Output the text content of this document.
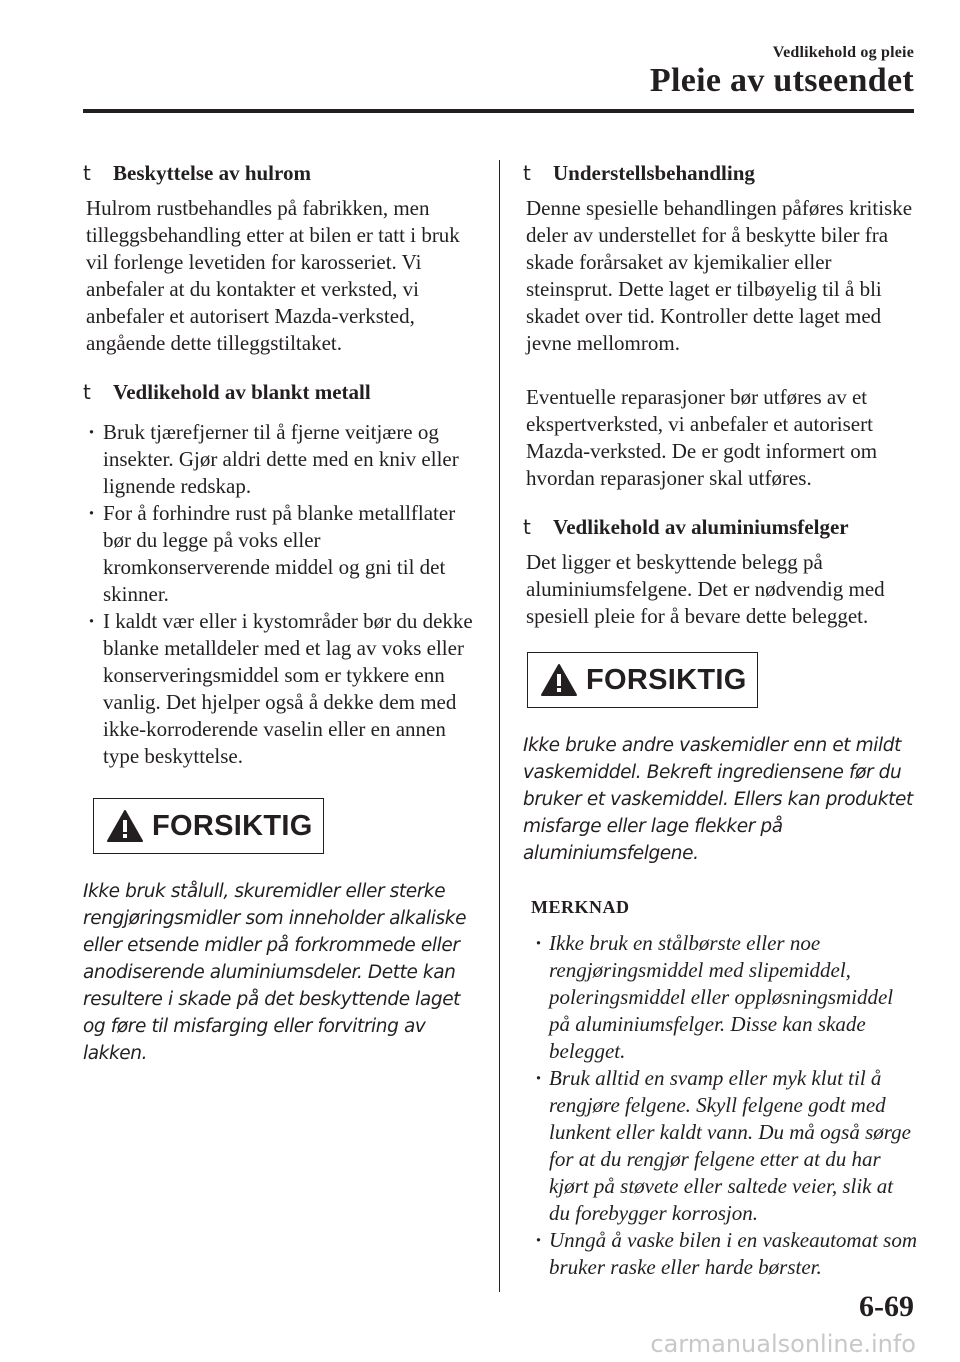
Vedlikehold og pleie
Pleie av utseendet
t Beskyttelse av hulrom

Hulrom rustbehandles på fabrikken, men tilleggsbehandling etter at bilen er tatt i bruk vil forlenge levetiden for karosseriet. Vi anbefaler at du kontakter et verksted, vi anbefaler et autorisert Mazda-verksted, angående dette tilleggstiltaket.

t Vedlikehold av blankt metall
· Bruk tjærefjerner til å fjerne veitjære og insekter. Gjør aldri dette med en kniv eller lignende redskap.
· For å forhindre rust på blanke metallflater bør du legge på voks eller kromkonserverende middel og gni til det skinner.
· I kaldt vær eller i kystområder bør du dekke blanke metalldeler med et lag av voks eller konserveringsmiddel som er tykkere enn vanlig. Det hjelper også å dekke dem med ikke-korroderende vaselin eller en annen type beskyttelse.
FORSIKTIG

Ikke bruk stålull, skuremidler eller sterke rengjøringsmidler som inneholder alkaliske eller etsende midler på forkrommede eller anodiserende aluminiumsdeler. Dette kan resultere i skade på det beskyttende laget og føre til misfarging eller forvitring av lakken.

t Understellsbehandling

Denne spesielle behandlingen påføres kritiske deler av understellet for å beskytte biler fra skade forårsaket av kjemikalier eller steinsprut. Dette laget er tilbøyelig til å bli skadet over tid. Kontroller dette laget med jevne mellomrom.

Eventuelle reparasjoner bør utføres av et ekspertverksted, vi anbefaler et autorisert Mazda-verksted. De er godt informert om hvordan reparasjoner skal utføres.

t Vedlikehold av aluminiumsfelger

Det ligger et beskyttende belegg på aluminiumsfelgene. Det er nødvendig med spesiell pleie for å bevare dette belegget.

FORSIKTIG

Ikke bruke andre vaskemidler enn et mildt vaskemiddel. Bekreft ingrediensene før du bruker et vaskemiddel. Ellers kan produktet misfarge eller lage flekker på aluminiumsfelgene.

MERKNAD
· Ikke bruk en stålbørste eller noe rengjøringsmiddel med slipemiddel, poleringsmiddel eller oppløsningsmiddel på aluminiumsfelger. Disse kan skade belegget.
· Bruk alltid en svamp eller myk klut til å rengjøre felgene. Skyll felgene godt med lunkent eller kaldt vann. Du må også sørge for at du rengjør felgene etter at du har kjørt på støvete eller saltede veier, slik at du forebygger korrosjon.
· Unngå å vaske bilen i en vaskeautomat som bruker raske eller harde børster.
6-69
carmanualsonline.info
